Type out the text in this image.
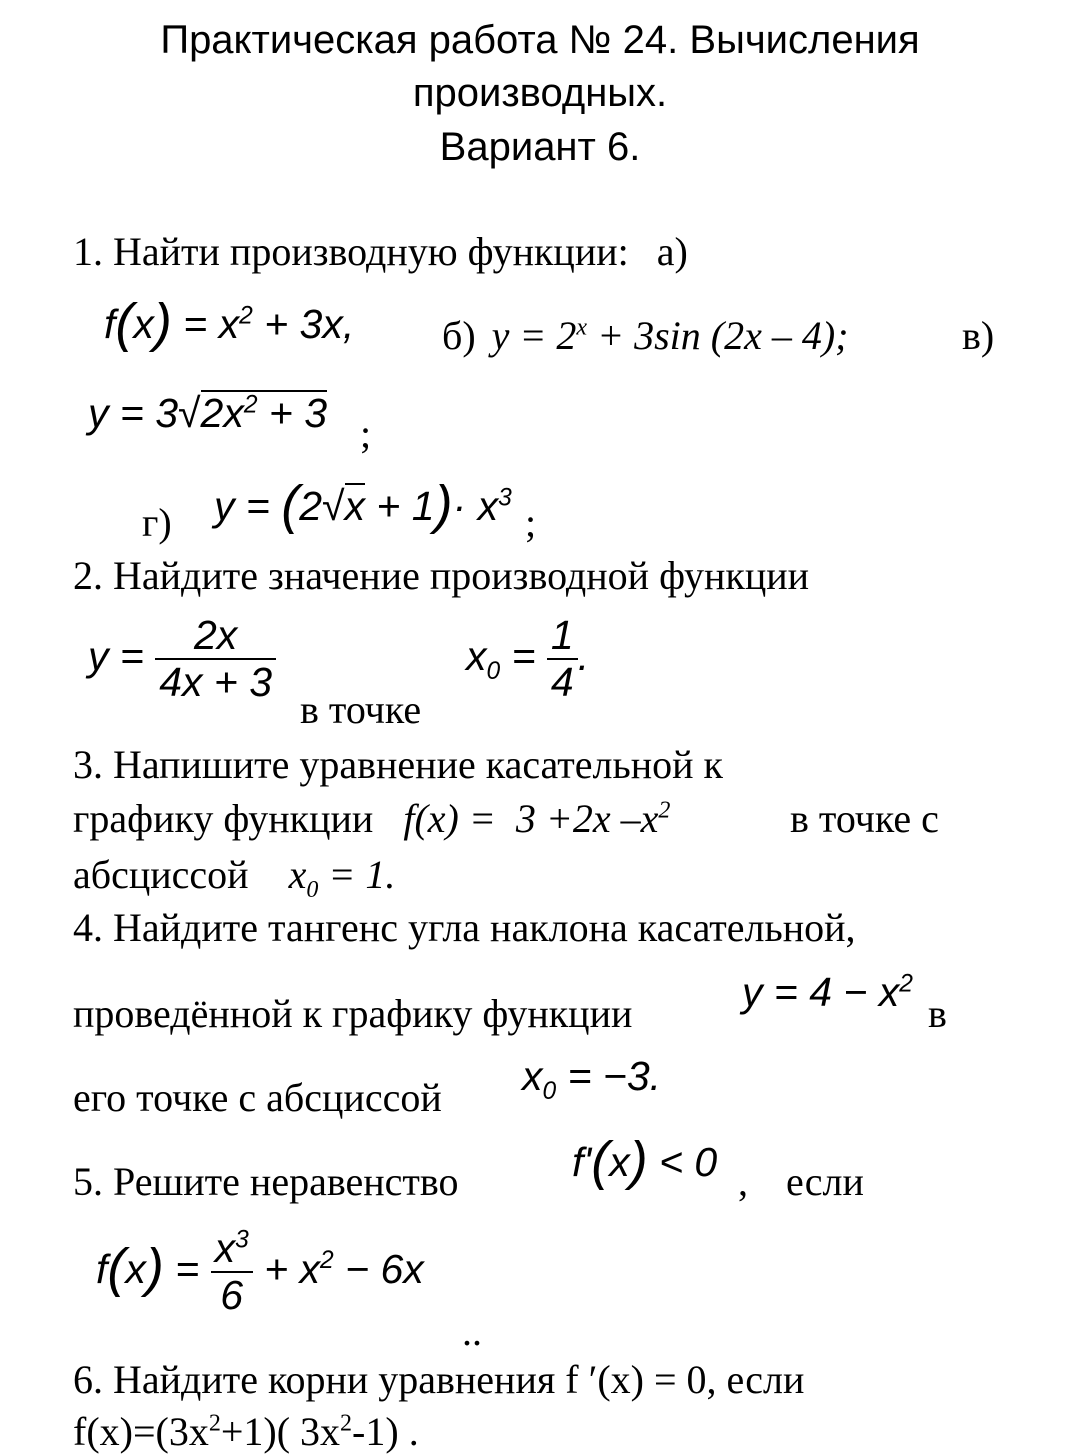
Практическая работа № 24. Вычисления
производных.
Вариант 6.
1. Найти производную функции: а)
$f(x) = x^2 + 3x$, б) $y = 2^x + 3\sin$ (2x – 4);	в)
$y = 3√2x^2 + 3$ ;
г) $y = (2√x + 1)\cdot x^3$
;
2. Найдите значение производной функции
$y = \frac{2x}{4x + 3}$
в точке
$x_0 = \frac{1}{4}$ .
3. Напишите уравнение касательной к
графику функции f(x) =  3 +2x $-x^2$	в точке с
абсциссой $x_0 = 1$.
4. Найдите тангенс угла наклона касательной,
проведённой к графику функции	$y = 4 - x^2$
в
его точке с абсциссой $x_0 = -3$.
5. Решите неравенство	f'(x) < 0 , если
$f(x) = \frac{x^3}{6} + x^2 - 6x$
..
6. Найдите корни уравнения f ′(x) = 0, если
$f(x)=(3x^2+1)$( $3x^2-1$) .
